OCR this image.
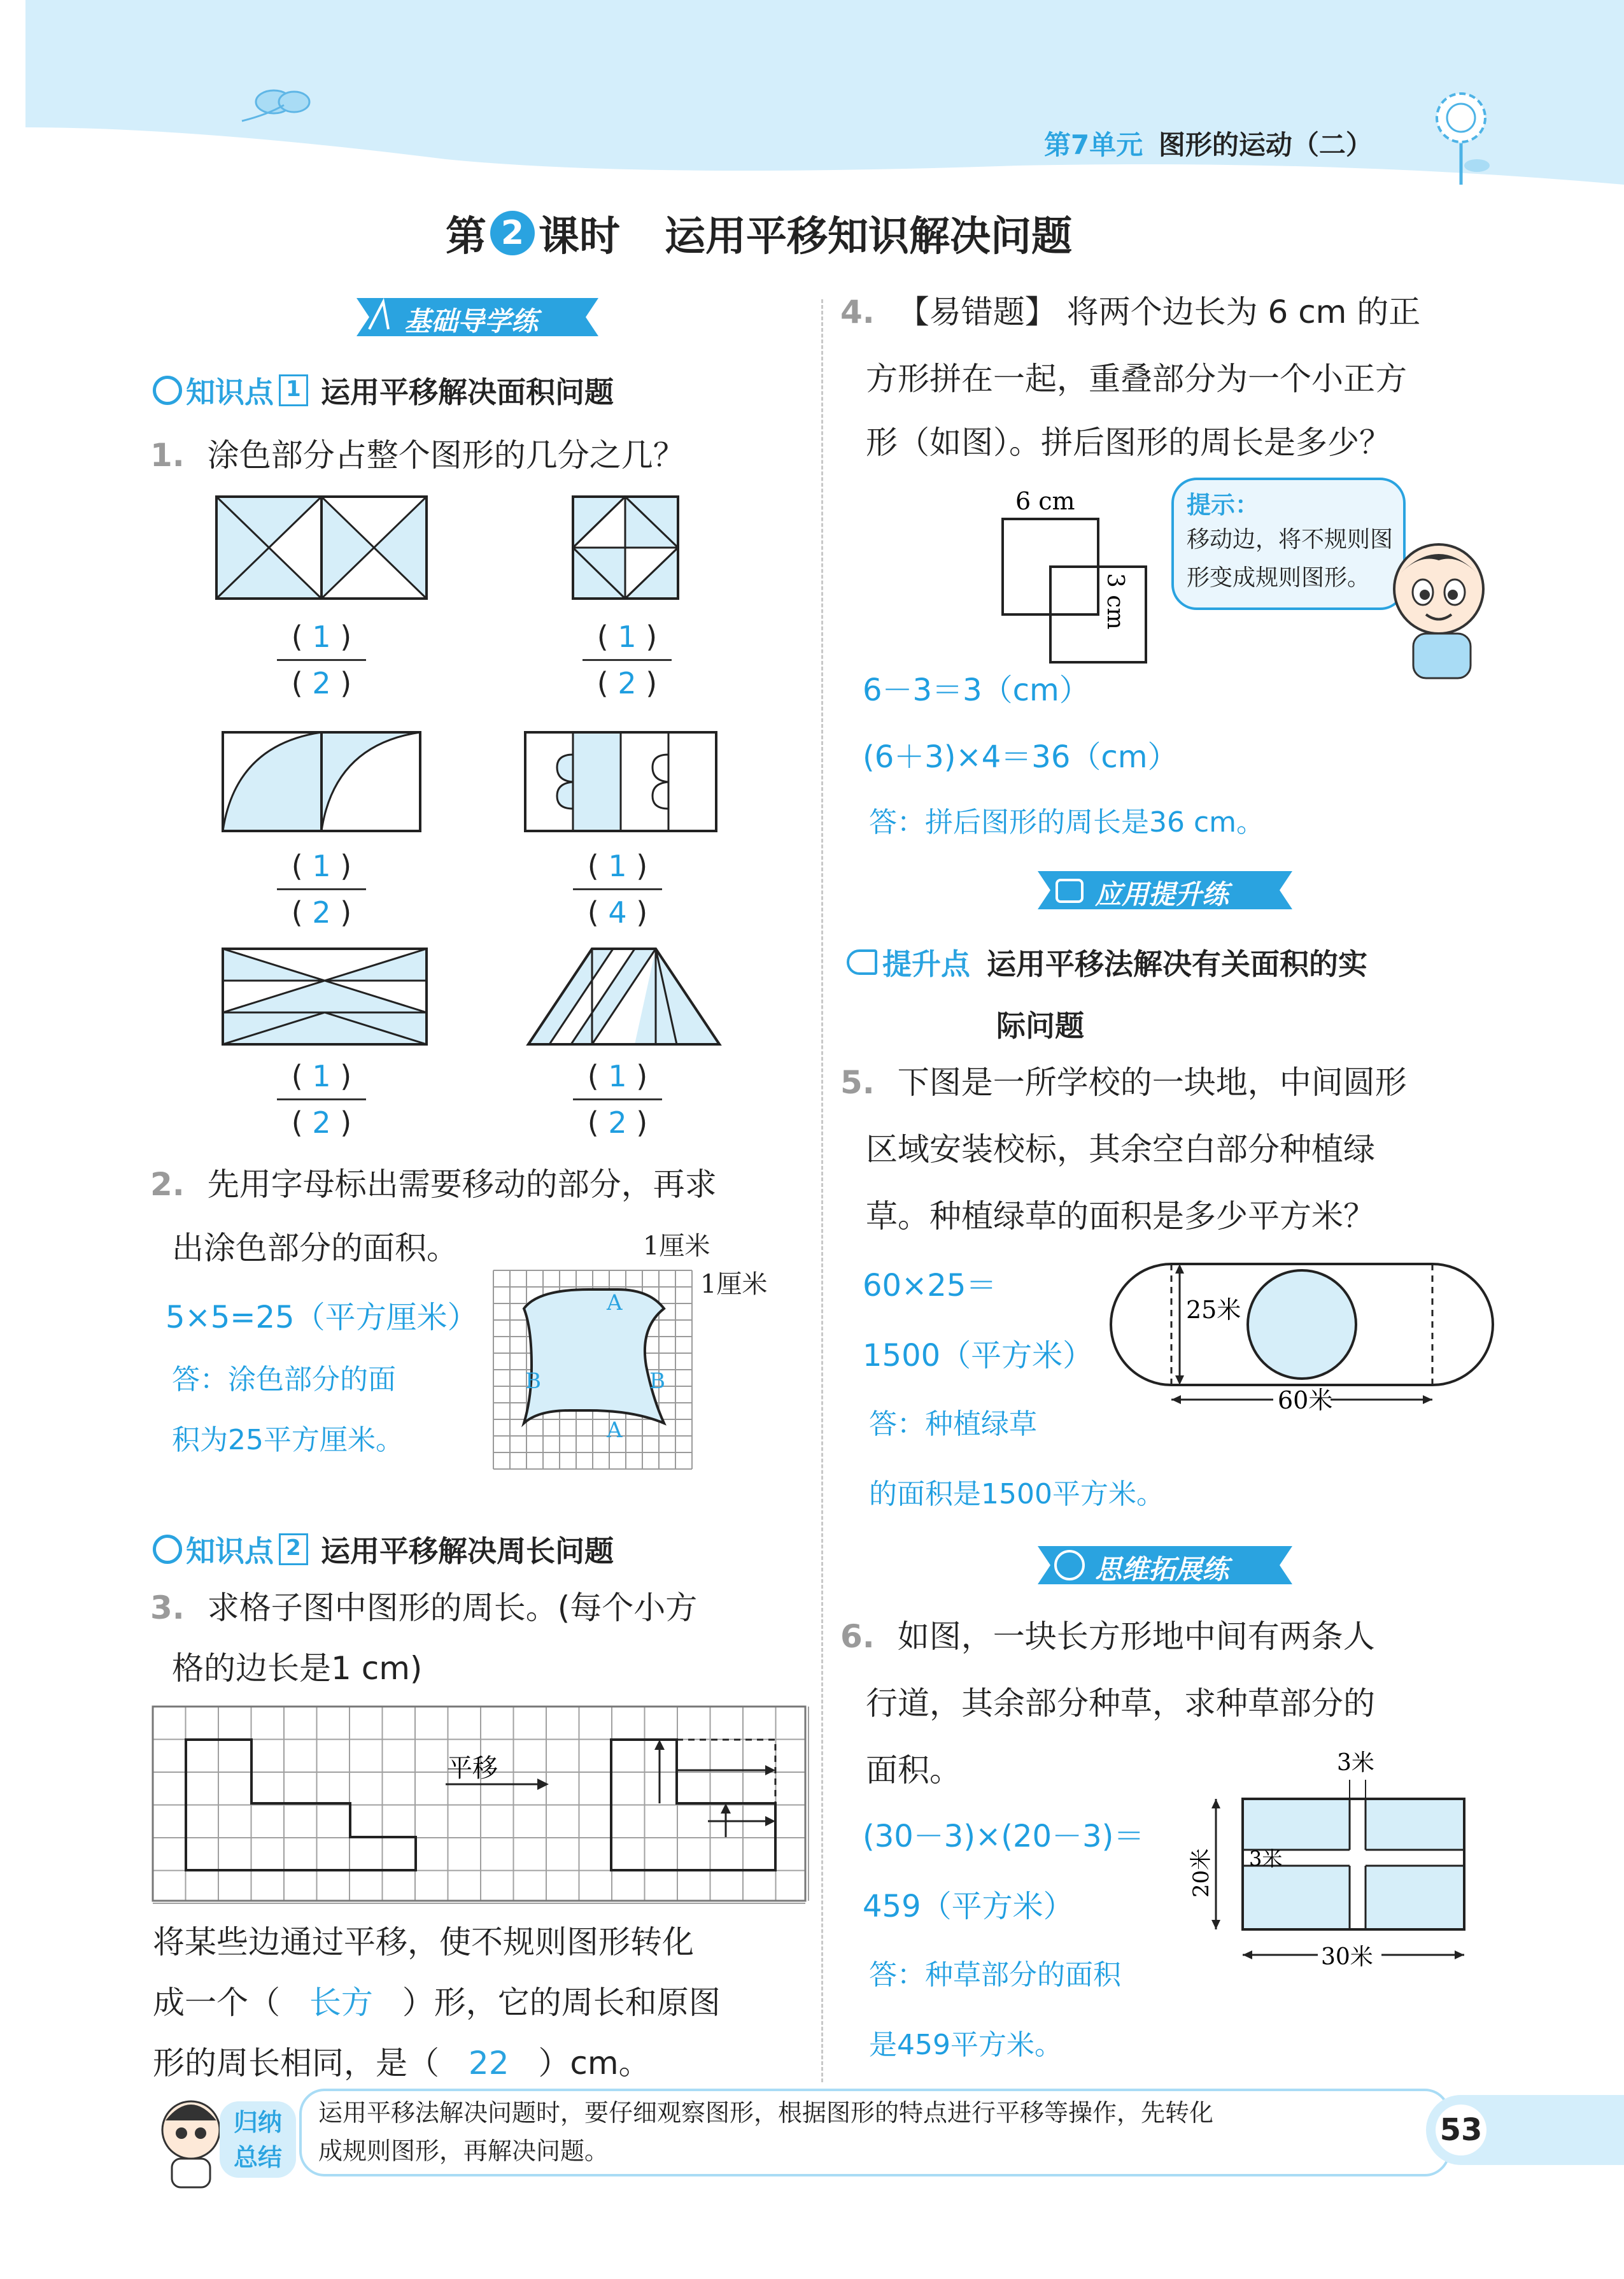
第7单元 图形的运动（二）
第 2 课时 运用平移知识解决问题
基础导学练
知识点 1 运用平移解决面积问题
1. 涂色部分占整个图形的几分之几？
$\frac{( 1 )}{( 2 )}$	$\frac{( 1 )}{( 2 )}$
$\frac{( 1 )}{( 2 )}$	$\frac{( 1 )}{( 4 )}$
$\frac{( 1 )}{( 2 )}$	$\frac{( 1 )}{( 2 )}$
2. 先用字母标出需要移动的部分，再求
出涂色部分的面积。	1厘米
1厘米
5×5=25（平方厘米）
答：涂色部分的面
积为25平方厘米。
A
A
B	B
知识点 2 运用平移解决周长问题
3. 求格子图中图形的周长。(每个小方
格的边长是1 cm)
平移
将某些边通过平移，使不规则图形转化
成一个（ 长方 ）形，它的周长和原图
形的周长相同，是（ 22 ）cm。
4. 【易错题】 将两个边长为 6 cm 的正
方形拼在一起，重叠部分为一个小正方
形（如图）。拼后图形的周长是多少？
6 cm
3 cm
提示：
移动边，将不规则图
形变成规则图形。
6－3＝3（cm）
(6＋3)×4＝36（cm）
答：拼后图形的周长是36 cm。
应用提升练
提升点 运用平移法解决有关面积的实
际问题
5. 下图是一所学校的一块地，中间圆形
区域安装校标，其余空白部分种植绿
草。种植绿草的面积是多少平方米？
60×25＝
1500（平方米）
答：种植绿草
的面积是1500平方米。
25米
60米
思维拓展练
6. 如图，一块长方形地中间有两条人
行道，其余部分种草，求种草部分的
面积。
(30－3)×(20－3)＝
459（平方米）
答：种草部分的面积
是459平方米。
3米
20米 3米
30米
归纳
总结
运用平移法解决问题时，要仔细观察图形，根据图形的特点进行平移等操作，先转化
成规则图形，再解决问题。
53
